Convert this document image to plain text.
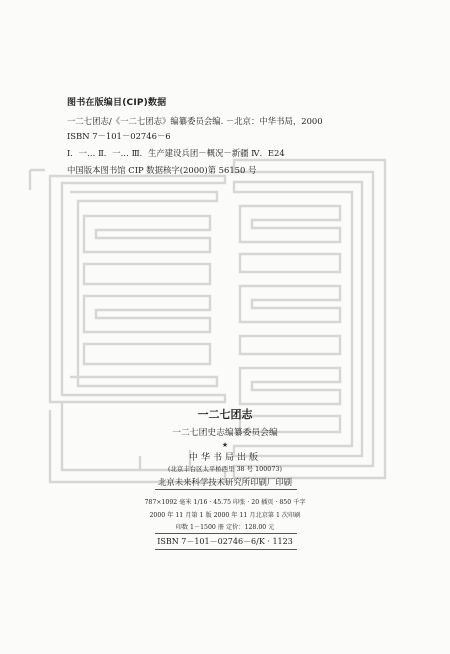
图书在版编目(CIP)数据
一二七团志/《一二七团志》编纂委员会编. －北京：中华书局，2000
ISBN 7－101－02746－6
Ⅰ．一… Ⅱ．一… Ⅲ．生产建设兵团－概况－新疆 Ⅳ．E24
中国版本图书馆 CIP 数据核字(2000)第 56150 号
一二七团志
一二七团史志编纂委员会编
★
中华书局出版
(北京丰台区太平桥西里 38 号 100073)
北京未来科学技术研究所印刷厂印刷
787×1092 毫米 1/16 · 45.75 印张 · 20 插页 · 850 千字
2000 年 11 月第 1 版 2000 年 11 月北京第 1 次印刷
印数 1－1500 册 定价：128.00 元
ISBN 7－101－02746－6/K · 1123
